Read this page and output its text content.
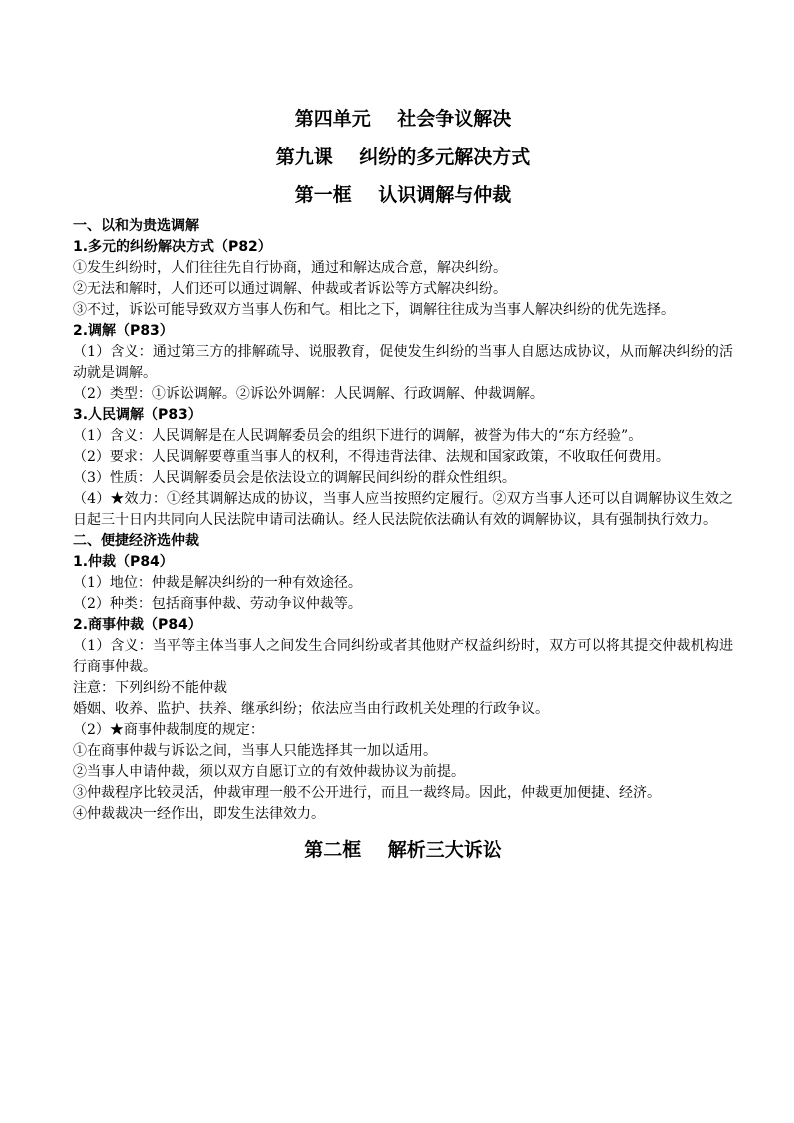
第四单元    社会争议解决
第九课    纠纷的多元解决方式
第一框    认识调解与仲裁
一、以和为贵选调解
1.多元的纠纷解决方式（P82）
①发生纠纷时，人们往往先自行协商，通过和解达成合意，解决纠纷。
②无法和解时，人们还可以通过调解、仲裁或者诉讼等方式解决纠纷。
③不过，诉讼可能导致双方当事人伤和气。相比之下，调解往往成为当事人解决纠纷的优先选择。
2.调解（P83）
（1）含义：通过第三方的排解疏导、说服教育，促使发生纠纷的当事人自愿达成协议，从而解决纠纷的活动就是调解。
（2）类型：①诉讼调解。②诉讼外调解：人民调解、行政调解、仲裁调解。
3.人民调解（P83）
（1）含义：人民调解是在人民调解委员会的组织下进行的调解，被誉为伟大的“东方经验”。
（2）要求：人民调解要尊重当事人的权利，不得违背法律、法规和国家政策，不收取任何费用。
（3）性质：人民调解委员会是依法设立的调解民间纠纷的群众性组织。
（4）★效力：①经其调解达成的协议，当事人应当按照约定履行。②双方当事人还可以自调解协议生效之日起三十日内共同向人民法院申请司法确认。经人民法院依法确认有效的调解协议，具有强制执行效力。
二、便捷经济选仲裁
1.仲裁（P84）
（1）地位：仲裁是解决纠纷的一种有效途径。
（2）种类：包括商事仲裁、劳动争议仲裁等。
2.商事仲裁（P84）
（1）含义：当平等主体当事人之间发生合同纠纷或者其他财产权益纠纷时，双方可以将其提交仲裁机构进行商事仲裁。
注意：下列纠纷不能仲裁
婚姻、收养、监护、扶养、继承纠纷；依法应当由行政机关处理的行政争议。
（2）★商事仲裁制度的规定：
①在商事仲裁与诉讼之间，当事人只能选择其一加以适用。
②当事人申请仲裁，须以双方自愿订立的有效仲裁协议为前提。
③仲裁程序比较灵活，仲裁审理一般不公开进行，而且一裁终局。因此，仲裁更加便捷、经济。
④仲裁裁决一经作出，即发生法律效力。
第二框    解析三大诉讼
